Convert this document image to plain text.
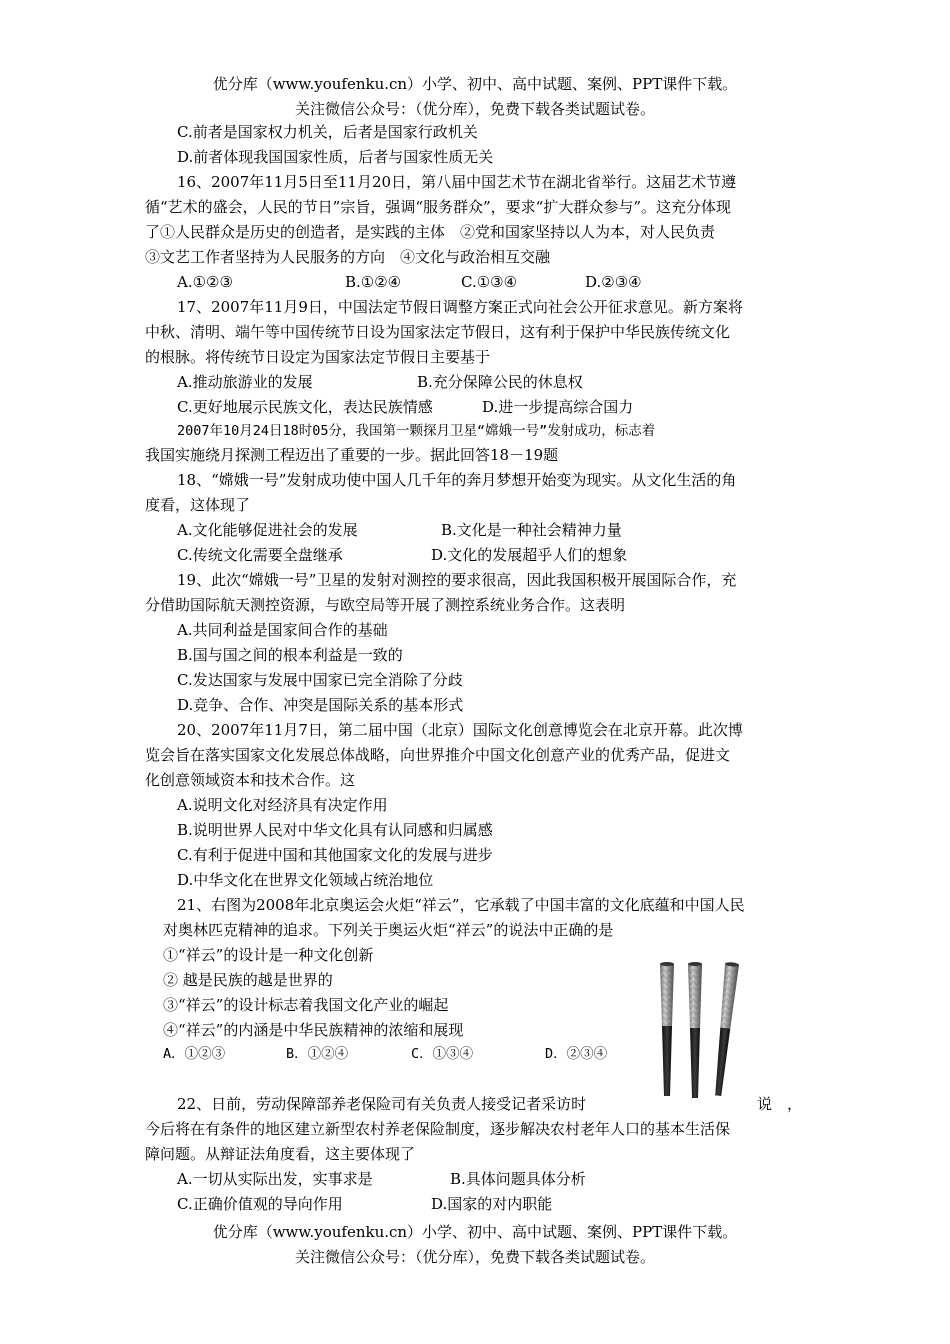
优分库（www.youfenku.cn）小学、初中、高中试题、案例、PPT课件下载。
关注微信公众号：（优分库），免费下载各类试题试卷。
C.前者是国家权力机关，后者是国家行政机关
D.前者体现我国国家性质，后者与国家性质无关
16、2007年11月5日至11月20日，第八届中国艺术节在湖北省举行。这届艺术节遵
循“艺术的盛会，人民的节日”宗旨，强调“服务群众”，要求“扩大群众参与”。这充分体现
了①人民群众是历史的创造者，是实践的主体　②党和国家坚持以人为本，对人民负责
③文艺工作者坚持为人民服务的方向　④文化与政治相互交融
A.①②③	B.①②④	C.①③④	D.②③④
17、2007年11月9日，中国法定节假日调整方案正式向社会公开征求意见。新方案将
中秋、清明、端午等中国传统节日设为国家法定节假日，这有利于保护中华民族传统文化
的根脉。将传统节日设定为国家法定节假日主要基于
A.推动旅游业的发展	B.充分保障公民的休息权
C.更好地展示民族文化，表达民族情感	D.进一步提高综合国力
2007年10月24日18时05分，我国第一颗探月卫星“嫦娥一号”发射成功，标志着
我国实施绕月探测工程迈出了重要的一步。据此回答18－19题
18、“嫦娥一号”发射成功使中国人几千年的奔月梦想开始变为现实。从文化生活的角
度看，这体现了
A.文化能够促进社会的发展	B.文化是一种社会精神力量
C.传统文化需要全盘继承	D.文化的发展超乎人们的想象
19、此次“嫦娥一号”卫星的发射对测控的要求很高，因此我国积极开展国际合作，充
分借助国际航天测控资源，与欧空局等开展了测控系统业务合作。这表明
A.共同利益是国家间合作的基础
B.国与国之间的根本利益是一致的
C.发达国家与发展中国家已完全消除了分歧
D.竞争、合作、冲突是国际关系的基本形式
20、2007年11月7日，第二届中国（北京）国际文化创意博览会在北京开幕。此次博
览会旨在落实国家文化发展总体战略，向世界推介中国文化创意产业的优秀产品，促进文
化创意领域资本和技术合作。这
A.说明文化对经济具有决定作用
B.说明世界人民对中华文化具有认同感和归属感
C.有利于促进中国和其他国家文化的发展与进步
D.中华文化在世界文化领域占统治地位
21、右图为2008年北京奥运会火炬“祥云”，它承载了中国丰富的文化底蕴和中国人民
对奥林匹克精神的追求。下列关于奥运火炬“祥云”的说法中正确的是
①“祥云”的设计是一种文化创新
② 越是民族的越是世界的
③“祥云”的设计标志着我国文化产业的崛起
④“祥云”的内涵是中华民族精神的浓缩和展现
A．①②③	B．①②④	C．①③④	D．②③④
22、日前，劳动保障部养老保险司有关负责人接受记者采访时	说　，
今后将在有条件的地区建立新型农村养老保险制度，逐步解决农村老年人口的基本生活保
障问题。从辩证法角度看，这主要体现了
A.一切从实际出发，实事求是	B.具体问题具体分析
C.正确价值观的导向作用	D.国家的对内职能
优分库（www.youfenku.cn）小学、初中、高中试题、案例、PPT课件下载。
关注微信公众号：（优分库），免费下载各类试题试卷。
